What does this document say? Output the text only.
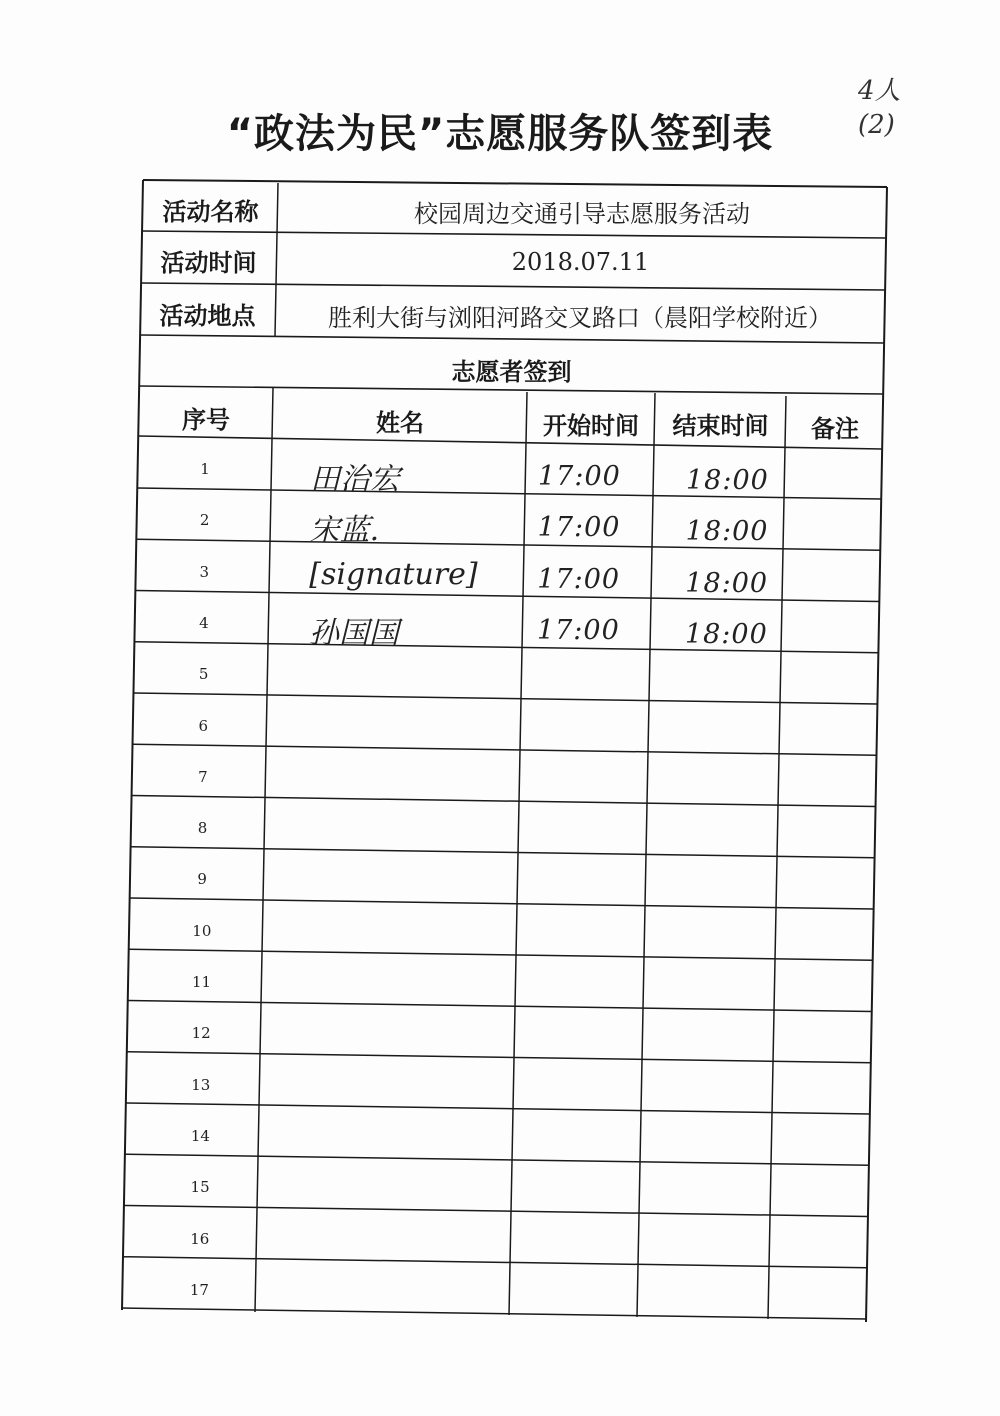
“政法为民”志愿服务队签到表
4人
(2)
活动名称	校园周边交通引导志愿服务活动
活动时间	2018.07.11
活动地点	胜利大街与浏阳河路交叉路口（晨阳学校附近）
志愿者签到
序号	姓名	开始时间	结束时间	备注
1	田治宏	17:00 18:00
2	宋蓝.	17:00 18:00
3	[signature] 17:00 18:00
4	孙国国	17:00 18:00
5
6
7
8
9
10
11
12
13
14
15
16
17
